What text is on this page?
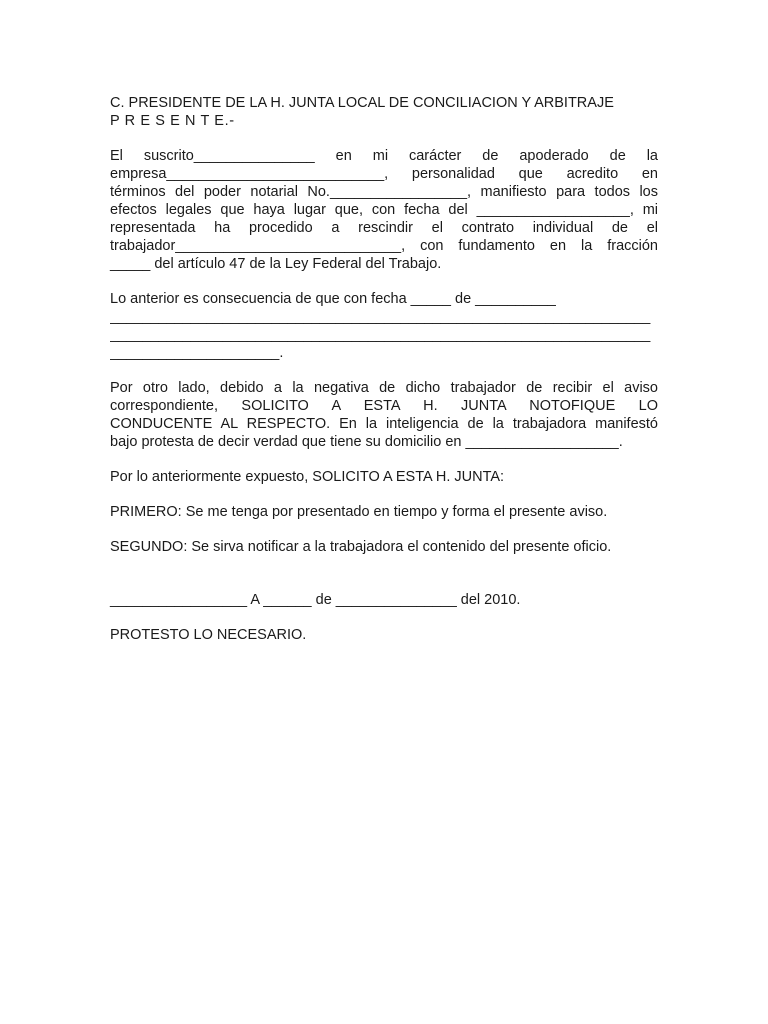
C. PRESIDENTE DE LA H. JUNTA LOCAL DE CONCILIACION Y ARBITRAJE

P R E S E N T E.-

El suscrito_______________ en mi carácter de apoderado de la
empresa___________________________, personalidad que acredito en
términos del poder notarial No._________________, manifiesto para todos los
efectos legales que haya lugar que, con fecha del ___________________, mi
representada ha procedido a rescindir el contrato individual de el
trabajador____________________________, con fundamento en la fracción
_____ del artículo 47 de la Ley Federal del Trabajo.
Lo anterior es consecuencia de que con fecha _____ de __________
___________________________________________________________________
___________________________________________________________________
_____________________.
Por otro lado, debido a la negativa de dicho trabajador de recibir el aviso
correspondiente, SOLICITO A ESTA H. JUNTA NOTOFIQUE LO
CONDUCENTE AL RESPECTO. En la inteligencia de la trabajadora manifestó
bajo protesta de decir verdad que tiene su domicilio en ___________________.

Por lo anteriormente expuesto, SOLICITO A ESTA H. JUNTA:

PRIMERO: Se me tenga por presentado en tiempo y forma el presente aviso.

SEGUNDO: Se sirva notificar a la trabajadora el contenido del presente oficio.

_________________ A ______ de _______________ del 2010.

PROTESTO LO NECESARIO.
